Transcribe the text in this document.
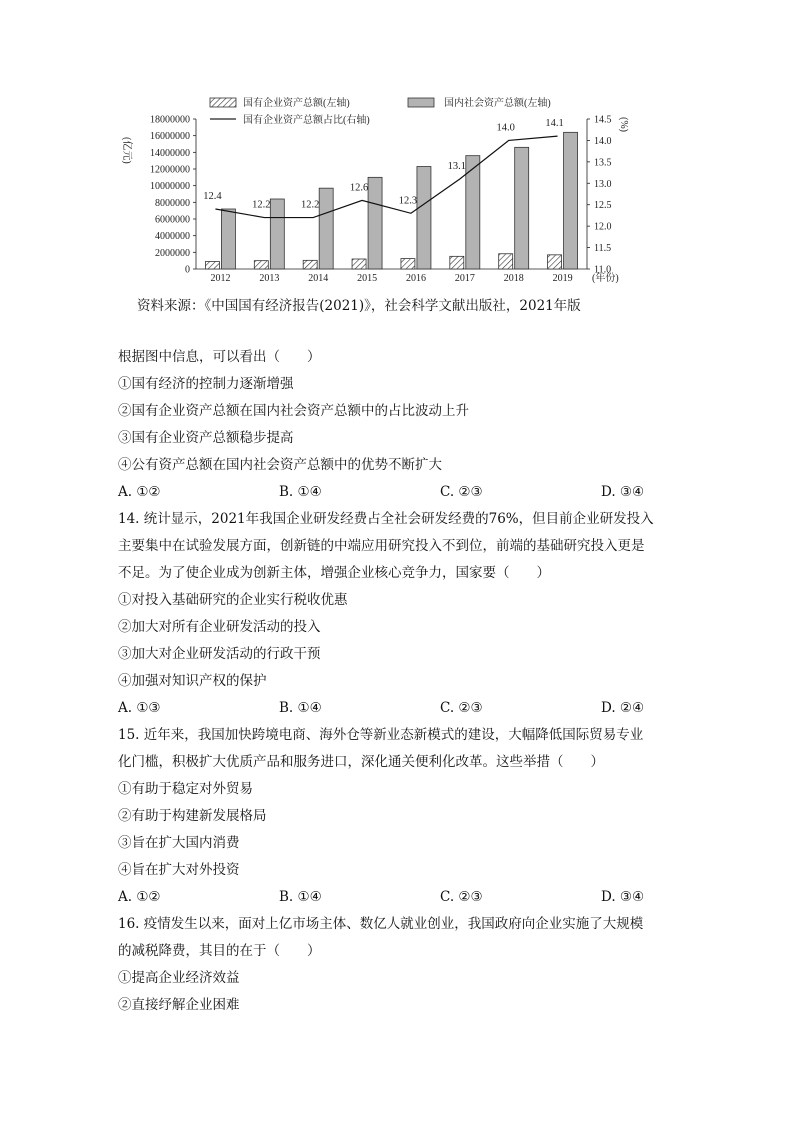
国有企业资产总额(左轴)	国内社会资产总额(左轴)
国有企业资产总额占比(右轴)
0
2000000
4000000
6000000
8000000
10000000
12000000
14000000
16000000
18000000
11.0
11.5
12.0
12.5
13.0
13.5
14.0
14.5
(亿元)
(%)
(年份)
2012	2013	2014	2015	2016	2017	2018	2019
12.4
12.2	12.2
12.6
12.3
13.1
14.0	14.1
资料来源：《中国国有经济报告(2021)》，社会科学文献出版社，2021年版
根据图中信息，可以看出（　　）
①国有经济的控制力逐渐增强
②国有企业资产总额在国内社会资产总额中的占比波动上升
③国有企业资产总额稳步提高
④公有资产总额在国内社会资产总额中的优势不断扩大
A. ①②	B. ①④	C. ②③	D. ③④
14. 统计显示，2021年我国企业研发经费占全社会研发经费的76%，但目前企业研发投入
主要集中在试验发展方面，创新链的中端应用研究投入不到位，前端的基础研究投入更是
不足。为了使企业成为创新主体，增强企业核心竞争力，国家要（　　）
①对投入基础研究的企业实行税收优惠
②加大对所有企业研发活动的投入
③加大对企业研发活动的行政干预
④加强对知识产权的保护
A. ①③	B. ①④	C. ②③	D. ②④
15. 近年来，我国加快跨境电商、海外仓等新业态新模式的建设，大幅降低国际贸易专业
化门槛，积极扩大优质产品和服务进口，深化通关便利化改革。这些举措（　　）
①有助于稳定对外贸易
②有助于构建新发展格局
③旨在扩大国内消费
④旨在扩大对外投资
A. ①②	B. ①④	C. ②③	D. ③④
16. 疫情发生以来，面对上亿市场主体、数亿人就业创业，我国政府向企业实施了大规模
的减税降费，其目的在于（　　）
①提高企业经济效益
②直接纾解企业困难
